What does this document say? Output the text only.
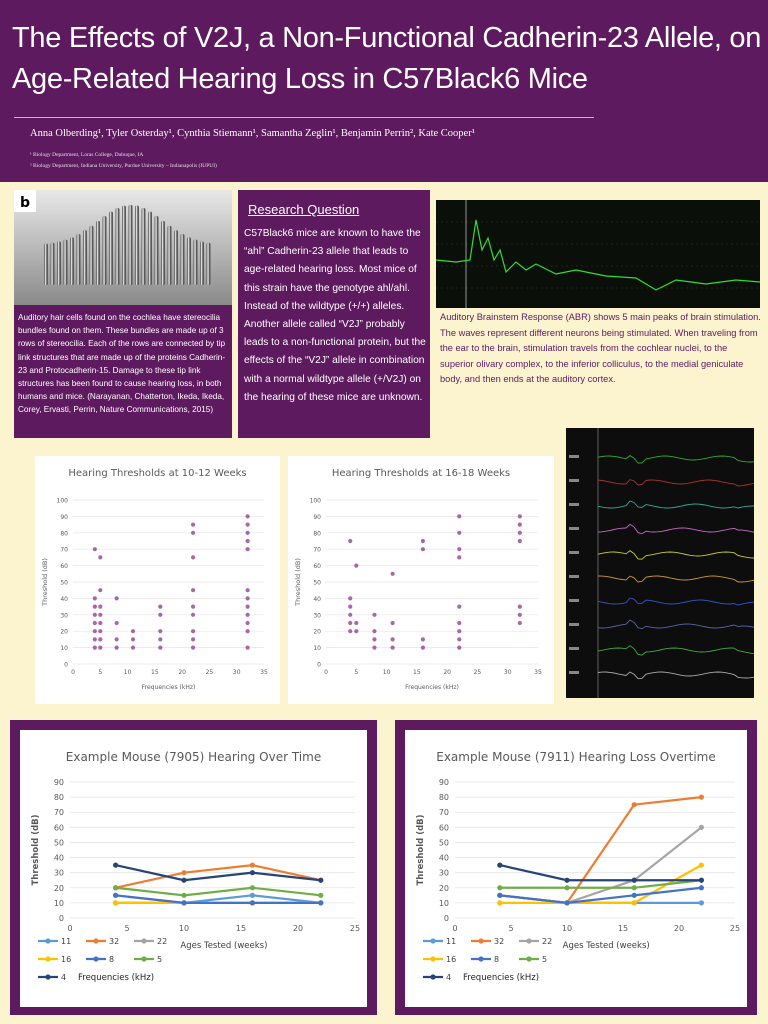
The Effects of V2J, a Non-Functional Cadherin-23 Allele, on Age-Related Hearing Loss in C57Black6 Mice
Anna Olberding¹, Tyler Osterday¹, Cynthia Stiemann¹, Samantha Zeglin¹, Benjamin Perrin², Kate Cooper¹
¹ Biology Department, Loras College, Dubuque, IA
² Biology Department, Indiana University, Purdue University – Indianapolis (IUPUI)
b
Auditory hair cells found on the cochlea have stereocilia bundles found on them. These bundles are made up of 3 rows of stereocilia. Each of the rows are connected by tip link structures that are made up of the proteins Cadherin-23 and Protocadherin-15. Damage to these tip link structures has been found to cause hearing loss, in both humans and mice. (Narayanan, Chatterton, Ikeda, Ikeda, Corey, Ervasti, Perrin, Nature Communications, 2015)
Research Question
C57Black6 mice are known to have the “ahl” Cadherin-23 allele that leads to age-related hearing loss. Most mice of this strain have the genotype ahl/ahl. Instead of the wildtype (+/+) alleles. Another allele called “V2J” probably leads to a non-functional protein, but the effects of the “V2J” allele in combination with a normal wildtype allele (+/V2J) on the hearing of these mice are unknown.
Auditory Brainstem Response (ABR) shows 5 main peaks of brain stimulation. The waves represent different neurons being stimulated. When traveling from the ear to the brain, stimulation travels from the cochlear nuclei, to the superior olivary complex, to the inferior colliculus, to the medial geniculate body, and then ends at the auditory cortex.
Hearing Thresholds at 10-12 Weeks
0
10
20
30
40
50
60
70
80
90
100
0	5	10	15	20	25	30	35
Frequencies (kHz)
Threshold (dB)
Hearing Thresholds at 16-18 Weeks
0
10
20
30
40
50
60
70
80
90
100
0	5	10	15	20	25	30	35
Frequencies (kHz)
Threshold (dB)
Example Mouse (7905) Hearing Over Time
0
10
20
30
40
50
60
70
80
90
0	5	10	15	20	25
Ages Tested (weeks)
Threshold (dB)
11	32	22
16	8	5
4 Frequencies (kHz)
Example Mouse (7911) Hearing Loss Overtime
0
10
20
30
40
50
60
70
80
90
0	5	10	15	20	25
Ages Tested (weeks)
Threshold (dB)
11	32	22
16	8	5
4 Frequencies (kHz)
